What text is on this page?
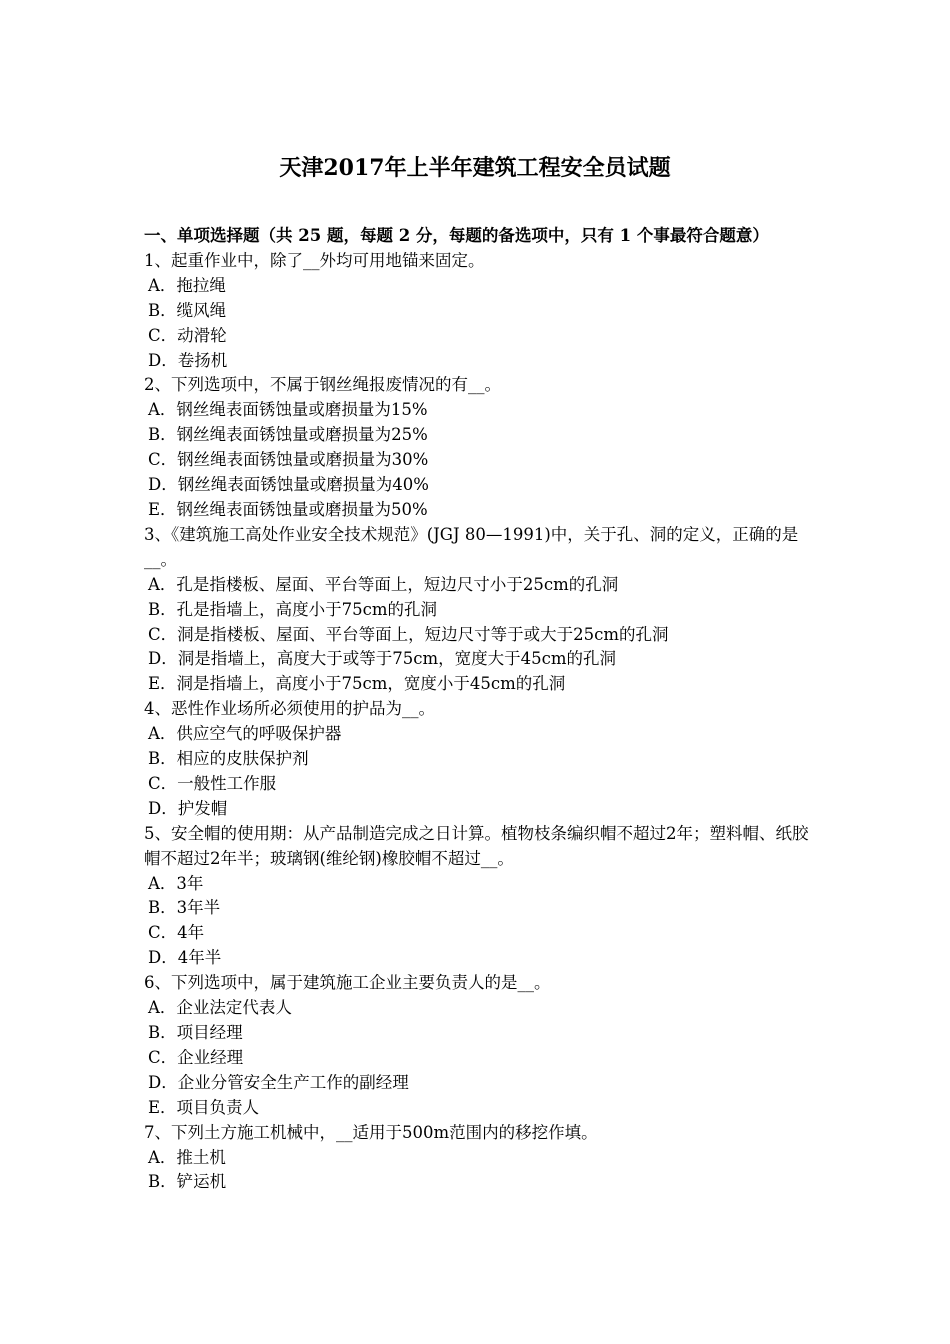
天津2017年上半年建筑工程安全员试题

一、单项选择题（共 25 题，每题 2 分，每题的备选项中，只有 1 个事最符合题意）

1、起重作业中，除了__外均可用地锚来固定。

A．拖拉绳

B．缆风绳

C．动滑轮

D．卷扬机

2、下列选项中，不属于钢丝绳报废情况的有__。

A．钢丝绳表面锈蚀量或磨损量为15%

B．钢丝绳表面锈蚀量或磨损量为25%

C．钢丝绳表面锈蚀量或磨损量为30%

D．钢丝绳表面锈蚀量或磨损量为40%

E．钢丝绳表面锈蚀量或磨损量为50%

3、《建筑施工高处作业安全技术规范》(JGJ 80—1991)中，关于孔、洞的定义，正确的是__。

A．孔是指楼板、屋面、平台等面上，短边尺寸小于25cm的孔洞

B．孔是指墙上，高度小于75cm的孔洞

C．洞是指楼板、屋面、平台等面上，短边尺寸等于或大于25cm的孔洞

D．洞是指墙上，高度大于或等于75cm，宽度大于45cm的孔洞

E．洞是指墙上，高度小于75cm，宽度小于45cm的孔洞

4、恶性作业场所必须使用的护品为__。

A．供应空气的呼吸保护器

B．相应的皮肤保护剂

C．一般性工作服

D．护发帽

5、安全帽的使用期：从产品制造完成之日计算。植物枝条编织帽不超过2年；塑料帽、纸胶帽不超过2年半；玻璃钢(维纶钢)橡胶帽不超过__。

A．3年

B．3年半

C．4年

D．4年半

6、下列选项中，属于建筑施工企业主要负责人的是__。

A．企业法定代表人

B．项目经理

C．企业经理

D．企业分管安全生产工作的副经理

E．项目负责人

7、下列土方施工机械中，__适用于500m范围内的移挖作填。

A．推土机

B．铲运机
